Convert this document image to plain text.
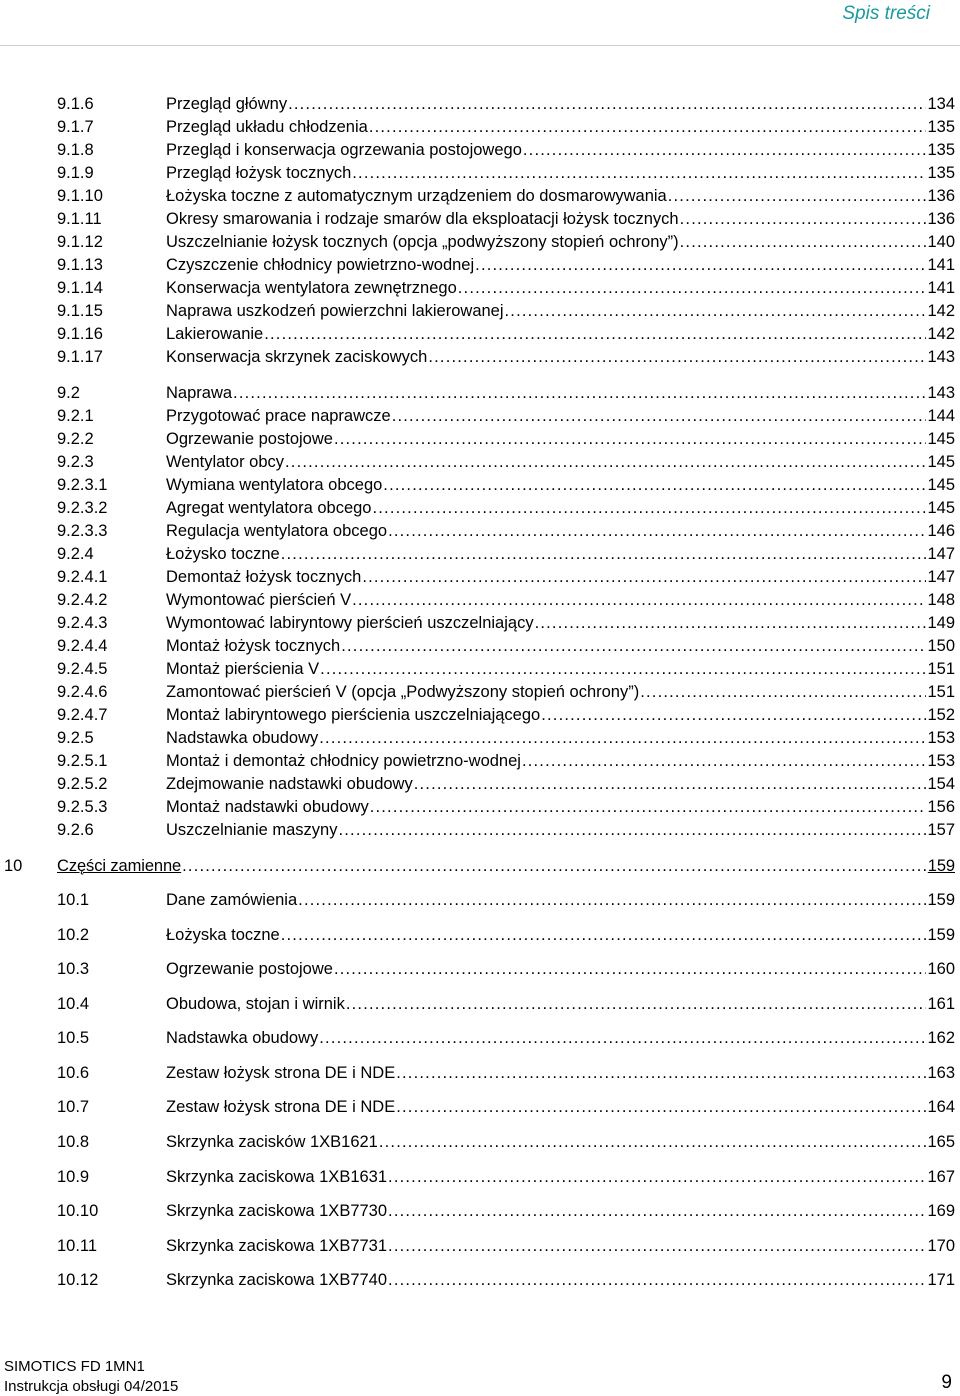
Spis treści
9.1.6	Przegląd główny .....	134
9.1.7	Przegląd układu chłodzenia .....	135
9.1.8	Przegląd i konserwacja ogrzewania postojowego .....	135
9.1.9	Przegląd łożysk tocznych .....	135
9.1.10	Łożyska toczne z automatycznym urządzeniem do dosmarowywania .....	136
9.1.11	Okresy smarowania i rodzaje smarów dla eksploatacji łożysk tocznych .....	136
9.1.12	Uszczelnianie łożysk tocznych (opcja „podwyższony stopień ochrony”) .....	140
9.1.13	Czyszczenie chłodnicy powietrzno-wodnej .....	141
9.1.14	Konserwacja wentylatora zewnętrznego .....	141
9.1.15	Naprawa uszkodzeń powierzchni lakierowanej .....	142
9.1.16	Lakierowanie .....	142
9.1.17	Konserwacja skrzynek zaciskowych .....	143
9.2	Naprawa .....	143
9.2.1	Przygotować prace naprawcze .....	144
9.2.2	Ogrzewanie postojowe .....	145
9.2.3	Wentylator obcy .....	145
9.2.3.1	Wymiana wentylatora obcego .....	145
9.2.3.2	Agregat wentylatora obcego .....	145
9.2.3.3	Regulacja wentylatora obcego .....	146
9.2.4	Łożysko toczne .....	147
9.2.4.1	Demontaż łożysk tocznych .....	147
9.2.4.2	Wymontować pierścień V .....	148
9.2.4.3	Wymontować labiryntowy pierścień uszczelniający .....	149
9.2.4.4	Montaż łożysk tocznych .....	150
9.2.4.5	Montaż pierścienia V .....	151
9.2.4.6	Zamontować pierścień V (opcja „Podwyższony stopień ochrony”) .....	151
9.2.4.7	Montaż labiryntowego pierścienia uszczelniającego .....	152
9.2.5	Nadstawka obudowy .....	153
9.2.5.1	Montaż i demontaż chłodnicy powietrzno-wodnej .....	153
9.2.5.2	Zdejmowanie nadstawki obudowy .....	154
9.2.5.3	Montaż nadstawki obudowy .....	156
9.2.6	Uszczelnianie maszyny .....	157
10 Części zamienne .....	159
10.1	Dane zamówienia .....	159
10.2	Łożyska toczne .....	159
10.3	Ogrzewanie postojowe .....	160
10.4	Obudowa, stojan i wirnik .....	161
10.5	Nadstawka obudowy .....	162
10.6	Zestaw łożysk strona DE i NDE .....	163
10.7	Zestaw łożysk strona DE i NDE .....	164
10.8	Skrzynka zacisków 1XB1621 .....	165
10.9	Skrzynka zaciskowa 1XB1631 .....	167
10.10	Skrzynka zaciskowa 1XB7730 .....	169
10.11	Skrzynka zaciskowa 1XB7731 .....	170
10.12	Skrzynka zaciskowa 1XB7740 .....	171
SIMOTICS FD 1MN1
Instrukcja obsługi 04/2015	9
